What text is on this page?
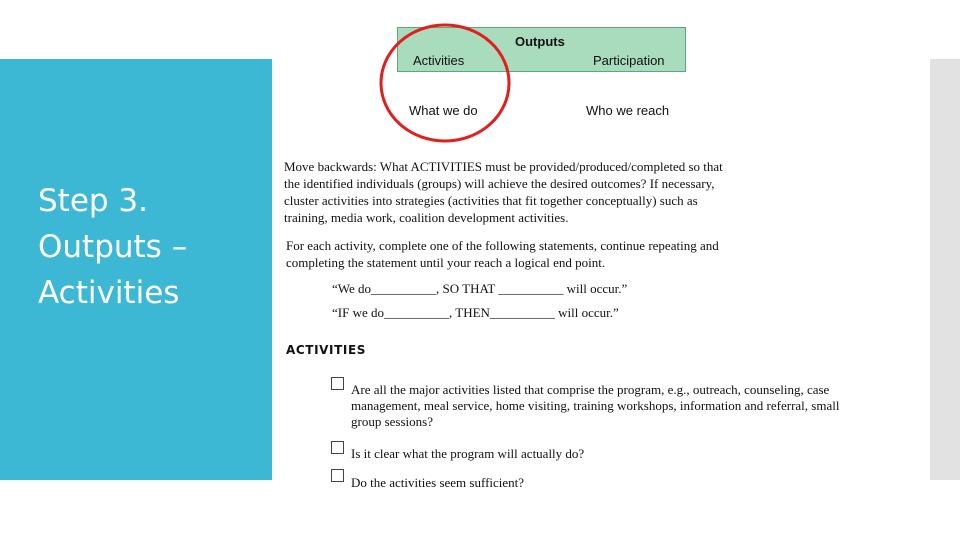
Step 3.
Outputs –
Activities
Outputs
Activities	Participation
What we do	Who we reach

Move backwards: What ACTIVITIES must be provided/produced/completed so that
the identified individuals (groups) will achieve the desired outcomes? If necessary,
cluster activities into strategies (activities that fit together conceptually) such as
training, media work, coalition development activities.

For each activity, complete one of the following statements, continue repeating and
completing the statement until your reach a logical end point.

“We do__________, SO THAT __________ will occur.”

“IF we do__________, THEN__________ will occur.”

ACTIVITIES
Are all the major activities listed that comprise the program, e.g., outreach, counseling, case
management, meal service, home visiting, training workshops, information and referral, small
group sessions?
Is it clear what the program will actually do?
Do the activities seem sufficient?
